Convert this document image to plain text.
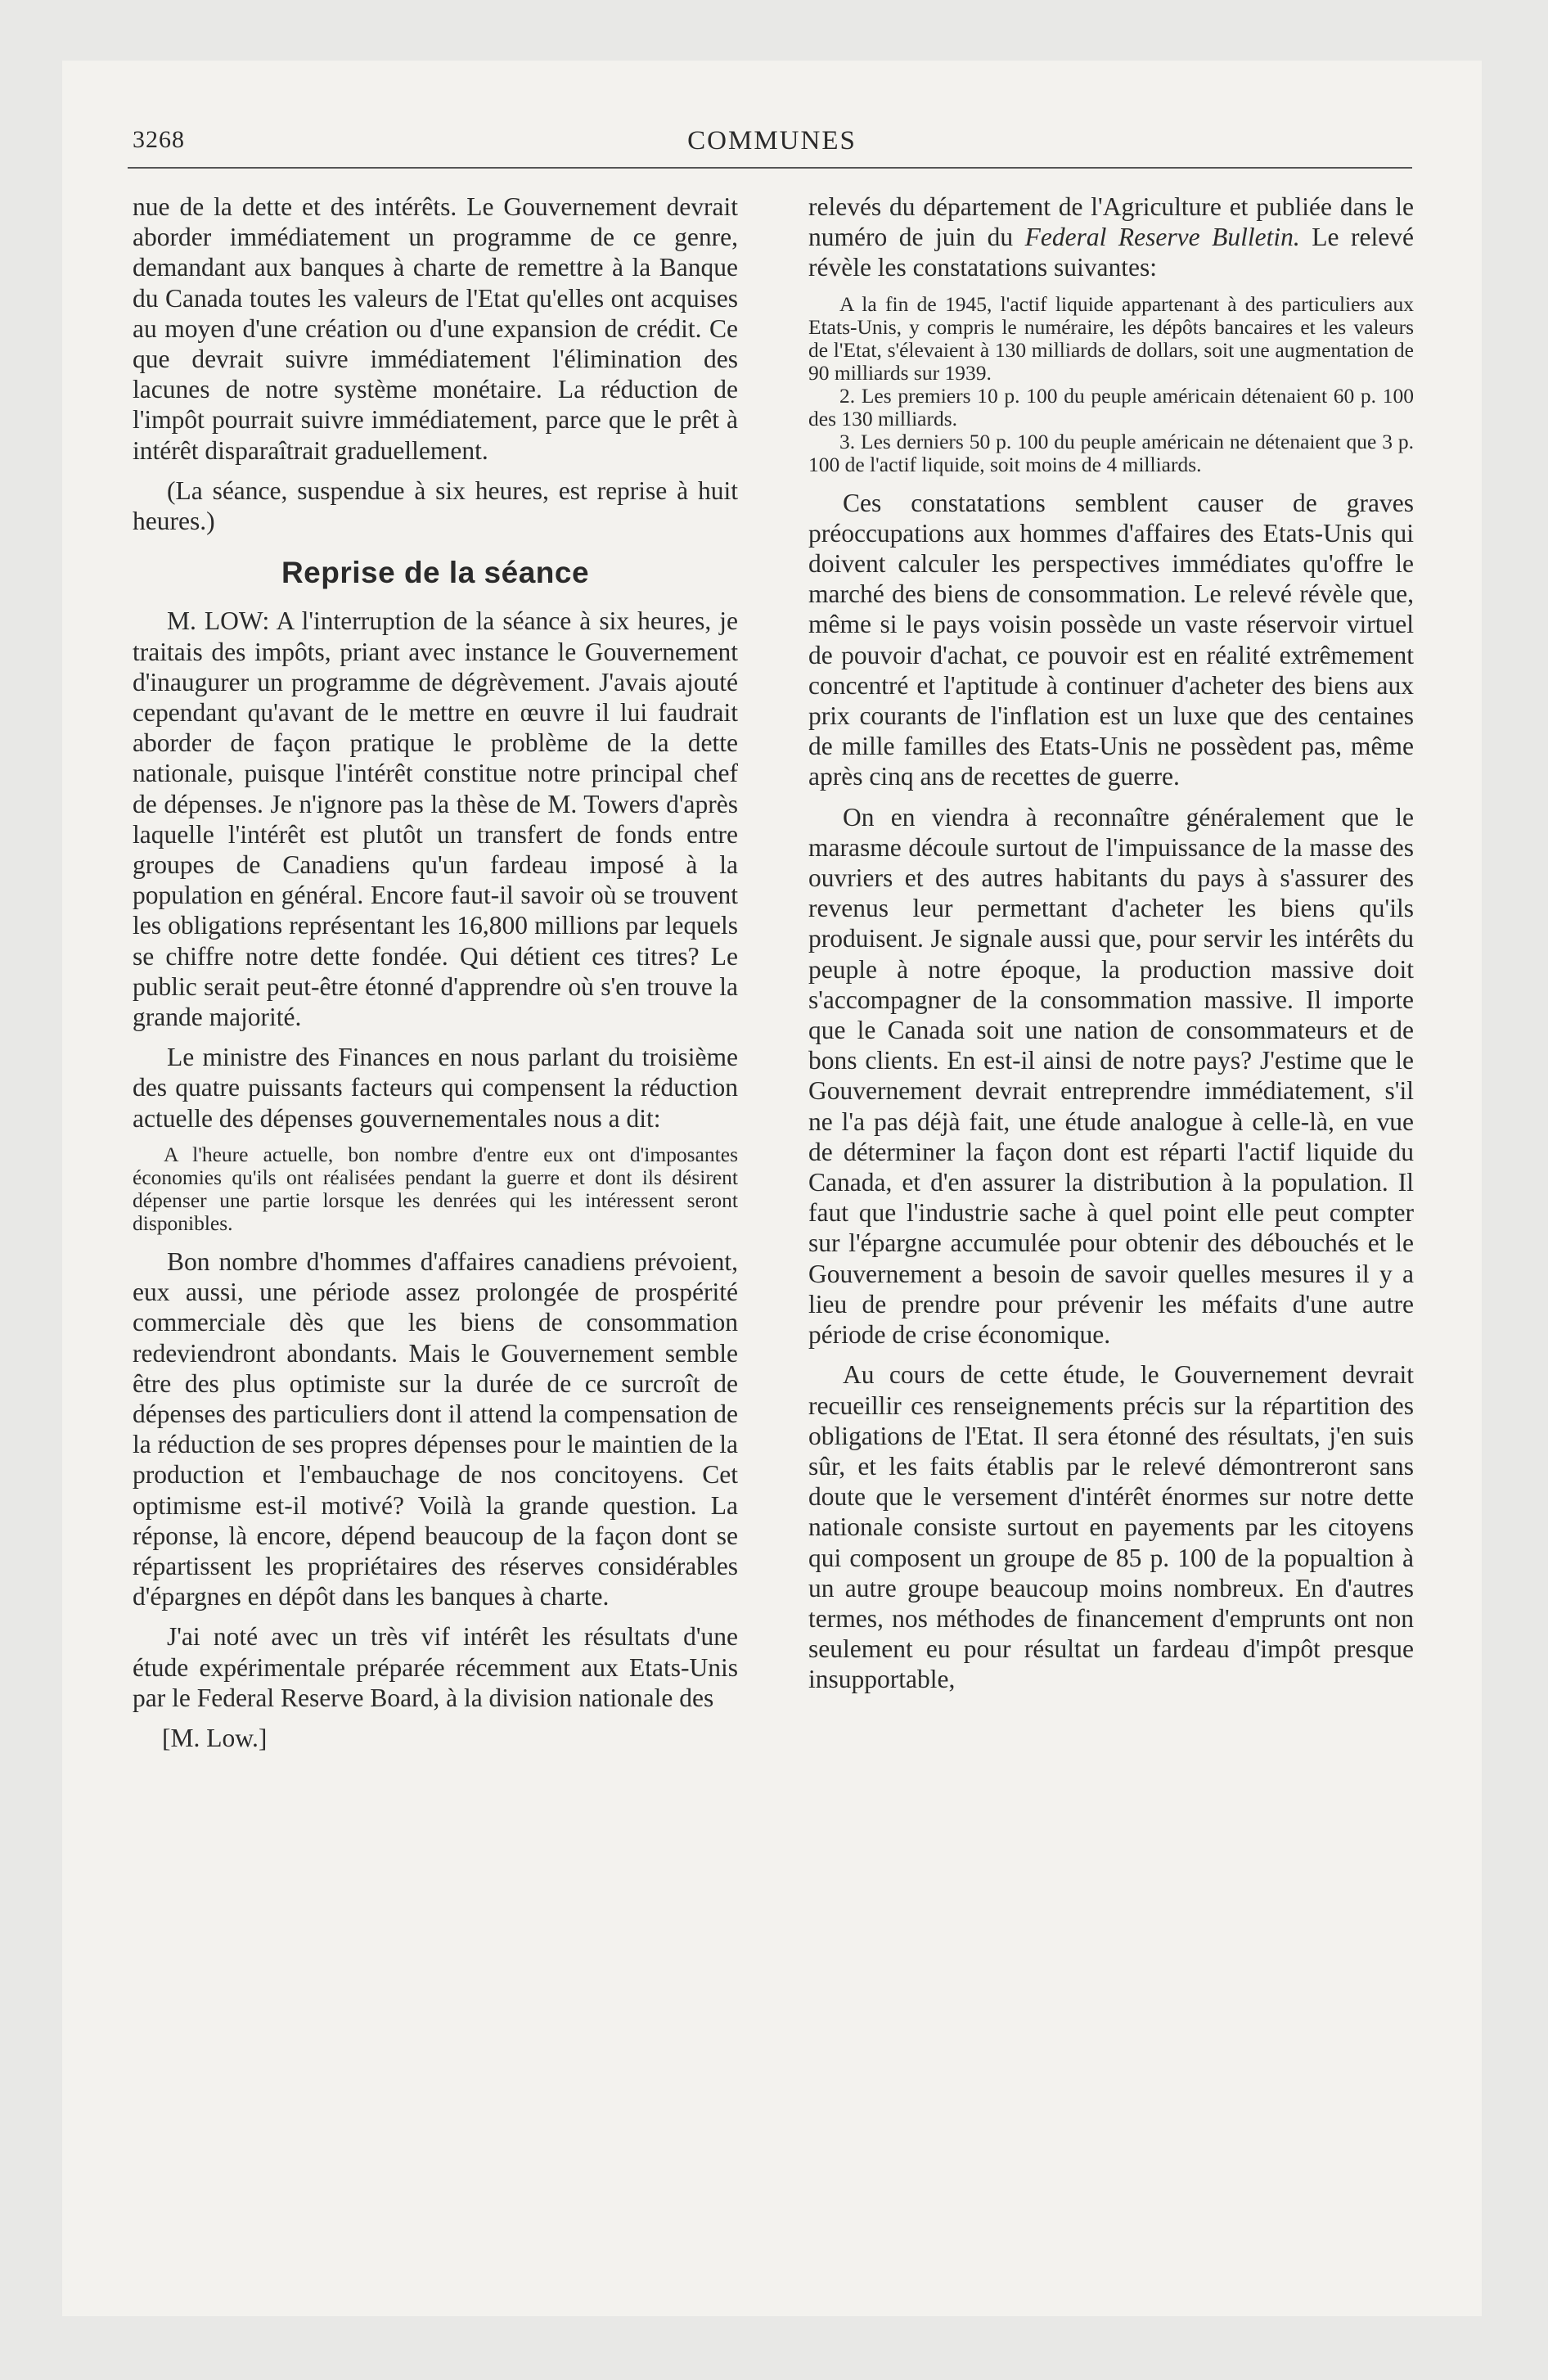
3268	COMMUNES

nue de la dette et des intérêts. Le Gouvernement devrait aborder immédiatement un programme de ce genre, demandant aux banques à charte de remettre à la Banque du Canada toutes les valeurs de l'Etat qu'elles ont acquises au moyen d'une création ou d'une expansion de crédit. Ce que devrait suivre immédiatement l'élimination des lacunes de notre système monétaire. La réduction de l'impôt pourrait suivre immédiatement, parce que le prêt à intérêt disparaîtrait graduellement.

(La séance, suspendue à six heures, est reprise à huit heures.)

Reprise de la séance

M. LOW: A l'interruption de la séance à six heures, je traitais des impôts, priant avec instance le Gouvernement d'inaugurer un programme de dégrèvement. J'avais ajouté cependant qu'avant de le mettre en œuvre il lui faudrait aborder de façon pratique le problème de la dette nationale, puisque l'intérêt constitue notre principal chef de dépenses. Je n'ignore pas la thèse de M. Towers d'après laquelle l'intérêt est plutôt un transfert de fonds entre groupes de Canadiens qu'un fardeau imposé à la population en général. Encore faut-il savoir où se trouvent les obligations représentant les 16,800 millions par lequels se chiffre notre dette fondée. Qui détient ces titres? Le public serait peut-être étonné d'apprendre où s'en trouve la grande majorité.

Le ministre des Finances en nous parlant du troisième des quatre puissants facteurs qui compensent la réduction actuelle des dépenses gouvernementales nous a dit:

A l'heure actuelle, bon nombre d'entre eux ont d'imposantes économies qu'ils ont réalisées pendant la guerre et dont ils désirent dépenser une partie lorsque les denrées qui les intéressent seront disponibles.

Bon nombre d'hommes d'affaires canadiens prévoient, eux aussi, une période assez prolongée de prospérité commerciale dès que les biens de consommation redeviendront abondants. Mais le Gouvernement semble être des plus optimiste sur la durée de ce surcroît de dépenses des particuliers dont il attend la compensation de la réduction de ses propres dépenses pour le maintien de la production et l'embauchage de nos concitoyens. Cet optimisme est-il motivé? Voilà la grande question. La réponse, là encore, dépend beaucoup de la façon dont se répartissent les propriétaires des réserves considérables d'épargnes en dépôt dans les banques à charte.

J'ai noté avec un très vif intérêt les résultats d'une étude expérimentale préparée récemment aux Etats-Unis par le Federal Reserve Board, à la division nationale des

[M. Low.]

relevés du département de l'Agriculture et publiée dans le numéro de juin du Federal Reserve Bulletin. Le relevé révèle les constatations suivantes:

A la fin de 1945, l'actif liquide appartenant à des particuliers aux Etats-Unis, y compris le numéraire, les dépôts bancaires et les valeurs de l'Etat, s'élevaient à 130 milliards de dollars, soit une augmentation de 90 milliards sur 1939.

2. Les premiers 10 p. 100 du peuple américain détenaient 60 p. 100 des 130 milliards.

3. Les derniers 50 p. 100 du peuple américain ne détenaient que 3 p. 100 de l'actif liquide, soit moins de 4 milliards.

Ces constatations semblent causer de graves préoccupations aux hommes d'affaires des Etats-Unis qui doivent calculer les perspectives immédiates qu'offre le marché des biens de consommation. Le relevé révèle que, même si le pays voisin possède un vaste réservoir virtuel de pouvoir d'achat, ce pouvoir est en réalité extrêmement concentré et l'aptitude à continuer d'acheter des biens aux prix courants de l'inflation est un luxe que des centaines de mille familles des Etats-Unis ne possèdent pas, même après cinq ans de recettes de guerre.

On en viendra à reconnaître généralement que le marasme découle surtout de l'impuissance de la masse des ouvriers et des autres habitants du pays à s'assurer des revenus leur permettant d'acheter les biens qu'ils produisent. Je signale aussi que, pour servir les intérêts du peuple à notre époque, la production massive doit s'accompagner de la consommation massive. Il importe que le Canada soit une nation de consommateurs et de bons clients. En est-il ainsi de notre pays? J'estime que le Gouvernement devrait entreprendre immédiatement, s'il ne l'a pas déjà fait, une étude analogue à celle-là, en vue de déterminer la façon dont est réparti l'actif liquide du Canada, et d'en assurer la distribution à la population. Il faut que l'industrie sache à quel point elle peut compter sur l'épargne accumulée pour obtenir des débouchés et le Gouvernement a besoin de savoir quelles mesures il y a lieu de prendre pour prévenir les méfaits d'une autre période de crise économique.

Au cours de cette étude, le Gouvernement devrait recueillir ces renseignements précis sur la répartition des obligations de l'Etat. Il sera étonné des résultats, j'en suis sûr, et les faits établis par le relevé démontreront sans doute que le versement d'intérêt énormes sur notre dette nationale consiste surtout en payements par les citoyens qui composent un groupe de 85 p. 100 de la popualtion à un autre groupe beaucoup moins nombreux. En d'autres termes, nos méthodes de financement d'emprunts ont non seulement eu pour résultat un fardeau d'impôt presque insupportable,
